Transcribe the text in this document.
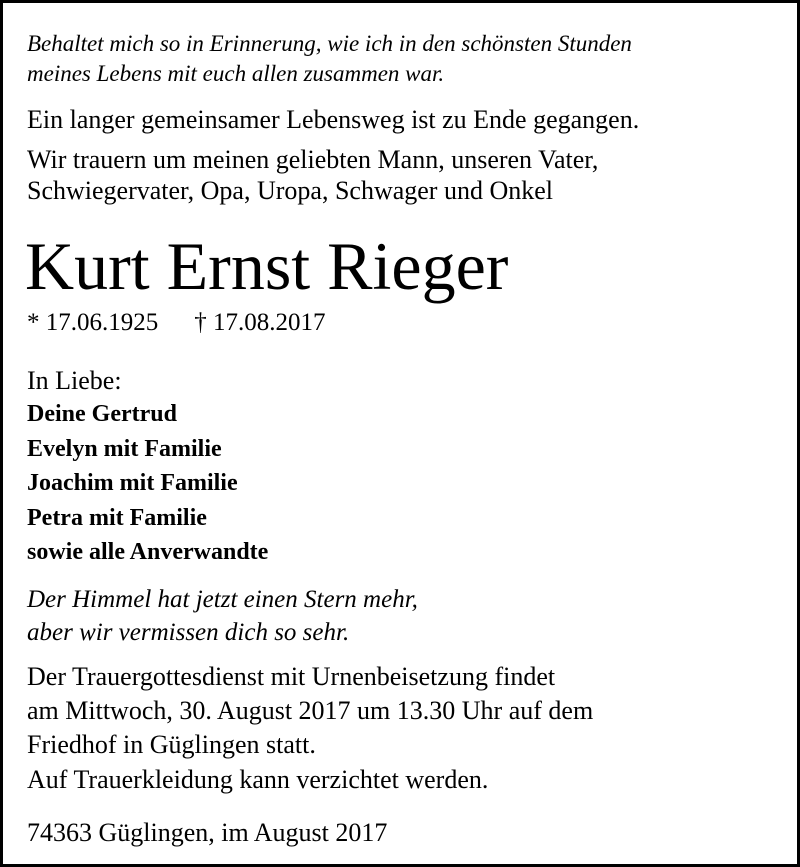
Behaltet mich so in Erinnerung, wie ich in den schönsten Stunden

meines Lebens mit euch allen zusammen war.

Ein langer gemeinsamer Lebensweg ist zu Ende gegangen.

Wir trauern um meinen geliebten Mann, unseren Vater,

Schwiegervater, Opa, Uropa, Schwager und Onkel

Kurt Ernst Rieger

* 17.06.1925 † 17.08.2017

In Liebe:

Deine Gertrud

Evelyn mit Familie

Joachim mit Familie

Petra mit Familie

sowie alle Anverwandte

Der Himmel hat jetzt einen Stern mehr,

aber wir vermissen dich so sehr.

Der Trauergottesdienst mit Urnenbeisetzung findet

am Mittwoch, 30. August 2017 um 13.30 Uhr auf dem

Friedhof in Güglingen statt.

Auf Trauerkleidung kann verzichtet werden.

74363 Güglingen, im August 2017
